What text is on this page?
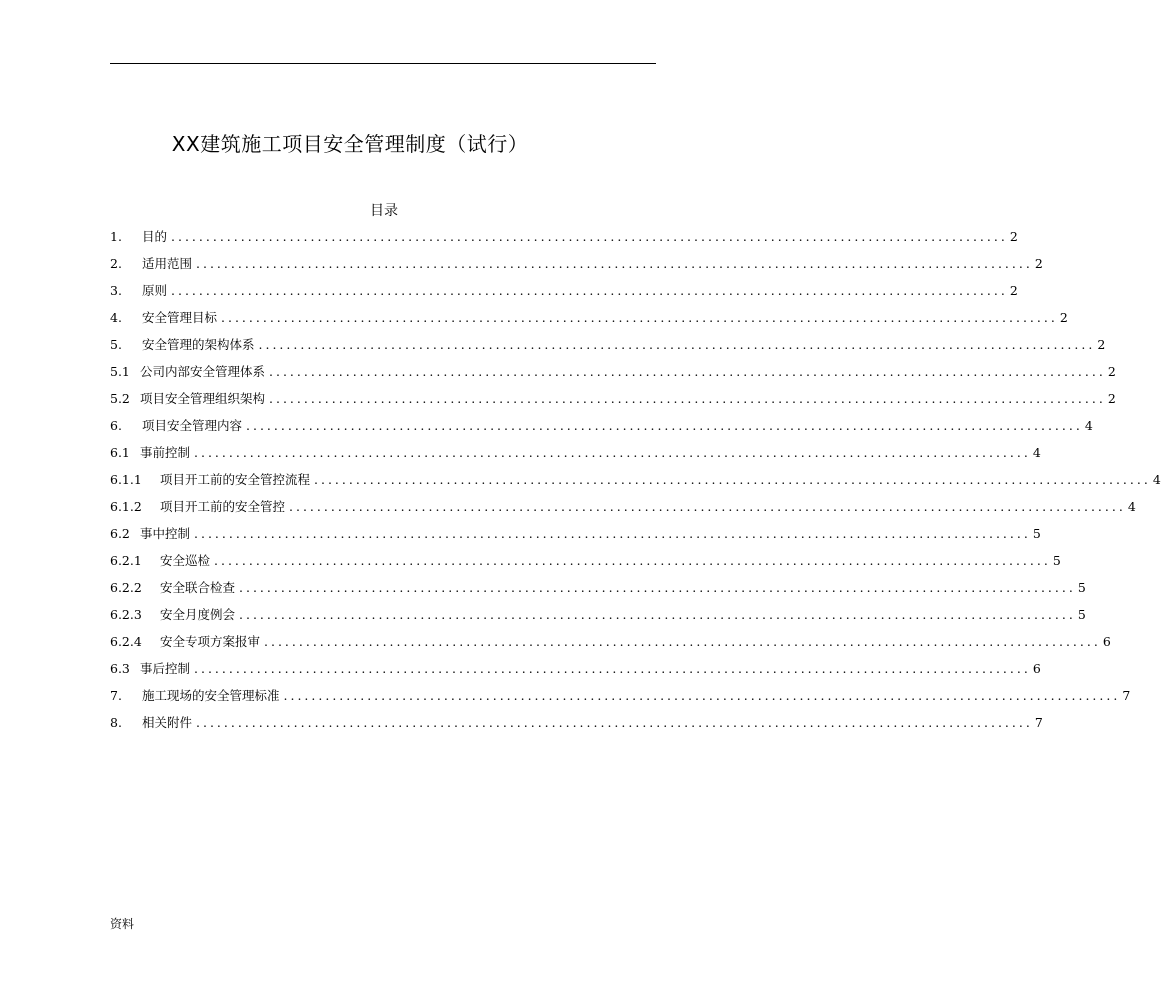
XX建筑施工项目安全管理制度（试行）
目录
1.	目的 ........................................................................................................................ 2
2.	适用范围 ........................................................................................................................ 2
3.	原则 ........................................................................................................................ 2
4.	安全管理目标 ........................................................................................................................ 2
5.	安全管理的架构体系 ........................................................................................................................ 2
5.1 公司内部安全管理体系 ........................................................................................................................ 2
5.2 项目安全管理组织架构 ........................................................................................................................ 2
6.	项目安全管理内容 ........................................................................................................................ 4
6.1 事前控制 ........................................................................................................................ 4
6.1.1	项目开工前的安全管控流程 ........................................................................................................................ 4
6.1.2	项目开工前的安全管控 ........................................................................................................................ 4
6.2 事中控制 ........................................................................................................................ 5
6.2.1	安全巡检 ........................................................................................................................ 5
6.2.2	安全联合检查 ........................................................................................................................ 5
6.2.3	安全月度例会 ........................................................................................................................ 5
6.2.4	安全专项方案报审 ........................................................................................................................ 6
6.3 事后控制 ........................................................................................................................ 6
7.	施工现场的安全管理标准 ........................................................................................................................ 7
8.	相关附件 ........................................................................................................................ 7
资料
